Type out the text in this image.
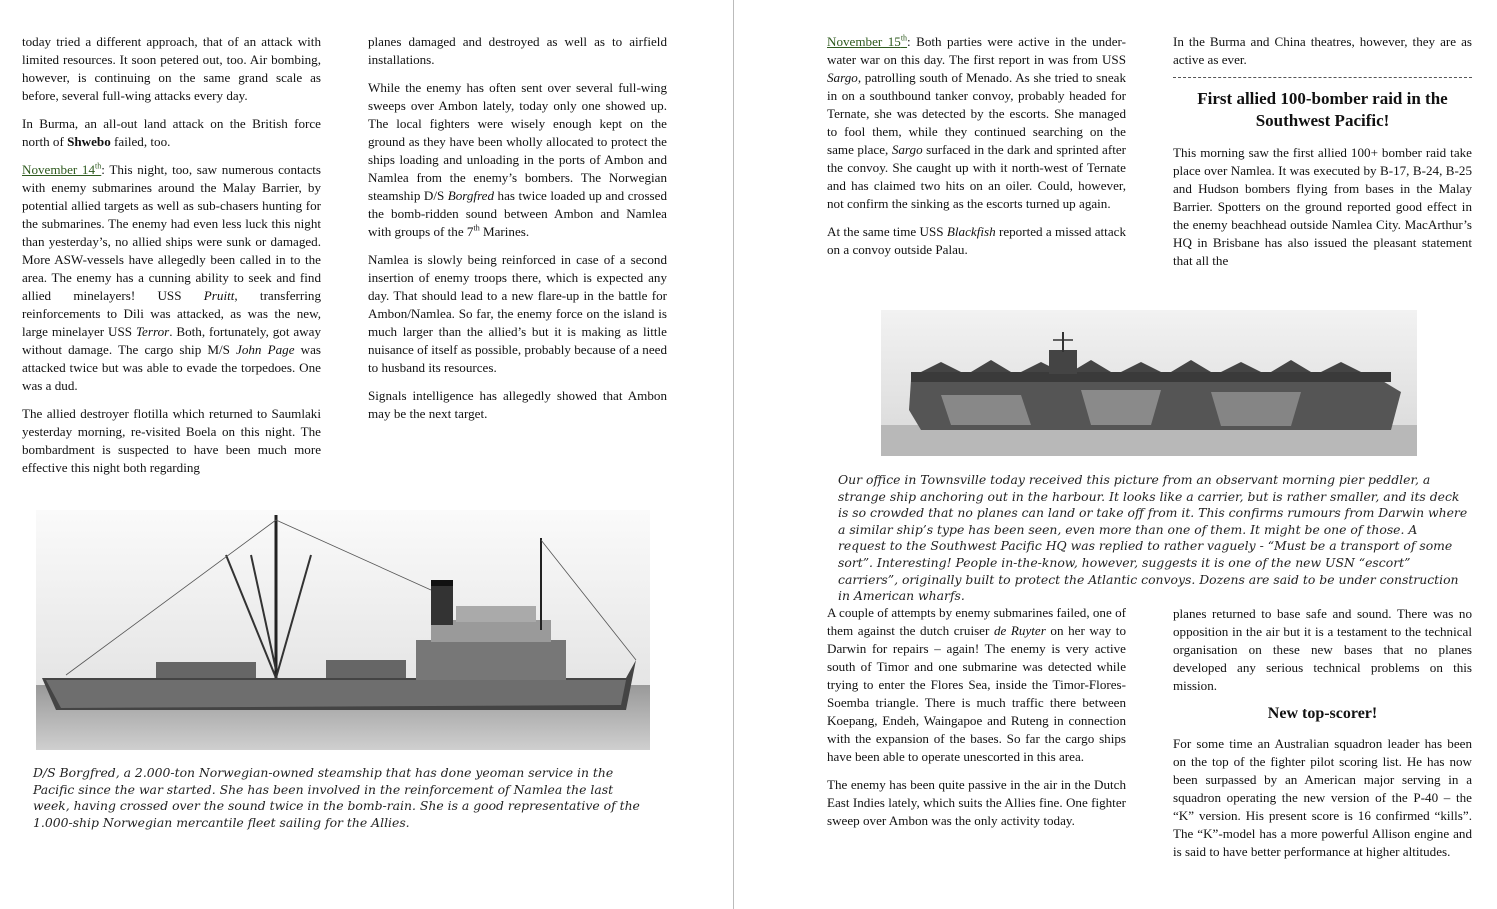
today tried a different approach, that of an attack with limited resources. It soon petered out, too. Air bombing, however, is continuing on the same grand scale as before, several full-wing attacks every day.

In Burma, an all-out land attack on the British force north of Shwebo failed, too.

November 14th: This night, too, saw numerous contacts with enemy submarines around the Malay Barrier, by potential allied targets as well as sub-chasers hunting for the submarines. The enemy had even less luck this night than yesterday’s, no allied ships were sunk or damaged. More ASW-vessels have allegedly been called in to the area. The enemy has a cunning ability to seek and find allied minelayers! USS Pruitt, transferring reinforcements to Dili was attacked, as was the new, large minelayer USS Terror. Both, fortunately, got away without damage. The cargo ship M/S John Page was attacked twice but was able to evade the torpedoes. One was a dud.

The allied destroyer flotilla which returned to Saumlaki yesterday morning, re-visited Boela on this night. The bombardment is suspected to have been much more effective this night both regarding

planes damaged and destroyed as well as to airfield installations.

While the enemy has often sent over several full-wing sweeps over Ambon lately, today only one showed up. The local fighters were wisely enough kept on the ground as they have been wholly allocated to protect the ships loading and unloading in the ports of Ambon and Namlea from the enemy’s bombers. The Norwegian steamship D/S Borgfred has twice loaded up and crossed the bomb-ridden sound between Ambon and Namlea with groups of the 7th Marines.

Namlea is slowly being reinforced in case of a second insertion of enemy troops there, which is expected any day. That should lead to a new flare-up in the battle for Ambon/Namlea. So far, the enemy force on the island is much larger than the allied’s but it is making as little nuisance of itself as possible, probably because of a need to husband its resources.

Signals intelligence has allegedly showed that Ambon may be the next target.

D/S Borgfred, a 2.000-ton Norwegian-owned steamship that has done yeoman service in the Pacific since the war started. She has been involved in the reinforcement of Namlea the last week, having crossed over the sound twice in the bomb-rain. She is a good representative of the 1.000-ship Norwegian mercantile fleet sailing for the Allies.

November 15th: Both parties were active in the under-water war on this day. The first report in was from USS Sargo, patrolling south of Menado. As she tried to sneak in on a southbound tanker convoy, probably headed for Ternate, she was detected by the escorts. She managed to fool them, while they continued searching on the same place, Sargo surfaced in the dark and sprinted after the convoy. She caught up with it north-west of Ternate and has claimed two hits on an oiler. Could, however, not confirm the sinking as the escorts turned up again.

At the same time USS Blackfish reported a missed attack on a convoy outside Palau.

In the Burma and China theatres, however, they are as active as ever.

First allied 100-bomber raid in the Southwest Pacific!

This morning saw the first allied 100+ bomber raid take place over Namlea. It was executed by B-17, B-24, B-25 and Hudson bombers flying from bases in the Malay Barrier. Spotters on the ground reported good effect in the enemy beachhead outside Namlea City. MacArthur’s HQ in Brisbane has also issued the pleasant statement that all the

Our office in Townsville today received this picture from an observant morning pier peddler, a strange ship anchoring out in the harbour. It looks like a carrier, but is rather smaller, and its deck is so crowded that no planes can land or take off from it. This confirms rumours from Darwin where a similar ship’s type has been seen, even more than one of them. It might be one of those. A request to the Southwest Pacific HQ was replied to rather vaguely - “Must be a transport of some sort”. Interesting! People in-the-know, however, suggests it is one of the new USN “escort” carriers”, originally built to protect the Atlantic convoys. Dozens are said to be under construction in American wharfs.

A couple of attempts by enemy submarines failed, one of them against the dutch cruiser de Ruyter on her way to Darwin for repairs – again! The enemy is very active south of Timor and one submarine was detected while trying to enter the Flores Sea, inside the Timor-Flores-Soemba triangle. There is much traffic there between Koepang, Endeh, Waingapoe and Ruteng in connection with the expansion of the bases. So far the cargo ships have been able to operate unescorted in this area.

The enemy has been quite passive in the air in the Dutch East Indies lately, which suits the Allies fine. One fighter sweep over Ambon was the only activity today.

planes returned to base safe and sound. There was no opposition in the air but it is a testament to the technical organisation on these new bases that no planes developed any serious technical problems on this mission.

New top-scorer!

For some time an Australian squadron leader has been on the top of the fighter pilot scoring list. He has now been surpassed by an American major serving in a squadron operating the new version of the P-40 – the “K” version. His present score is 16 confirmed “kills”. The “K”-model has a more powerful Allison engine and is said to have better performance at higher altitudes.
